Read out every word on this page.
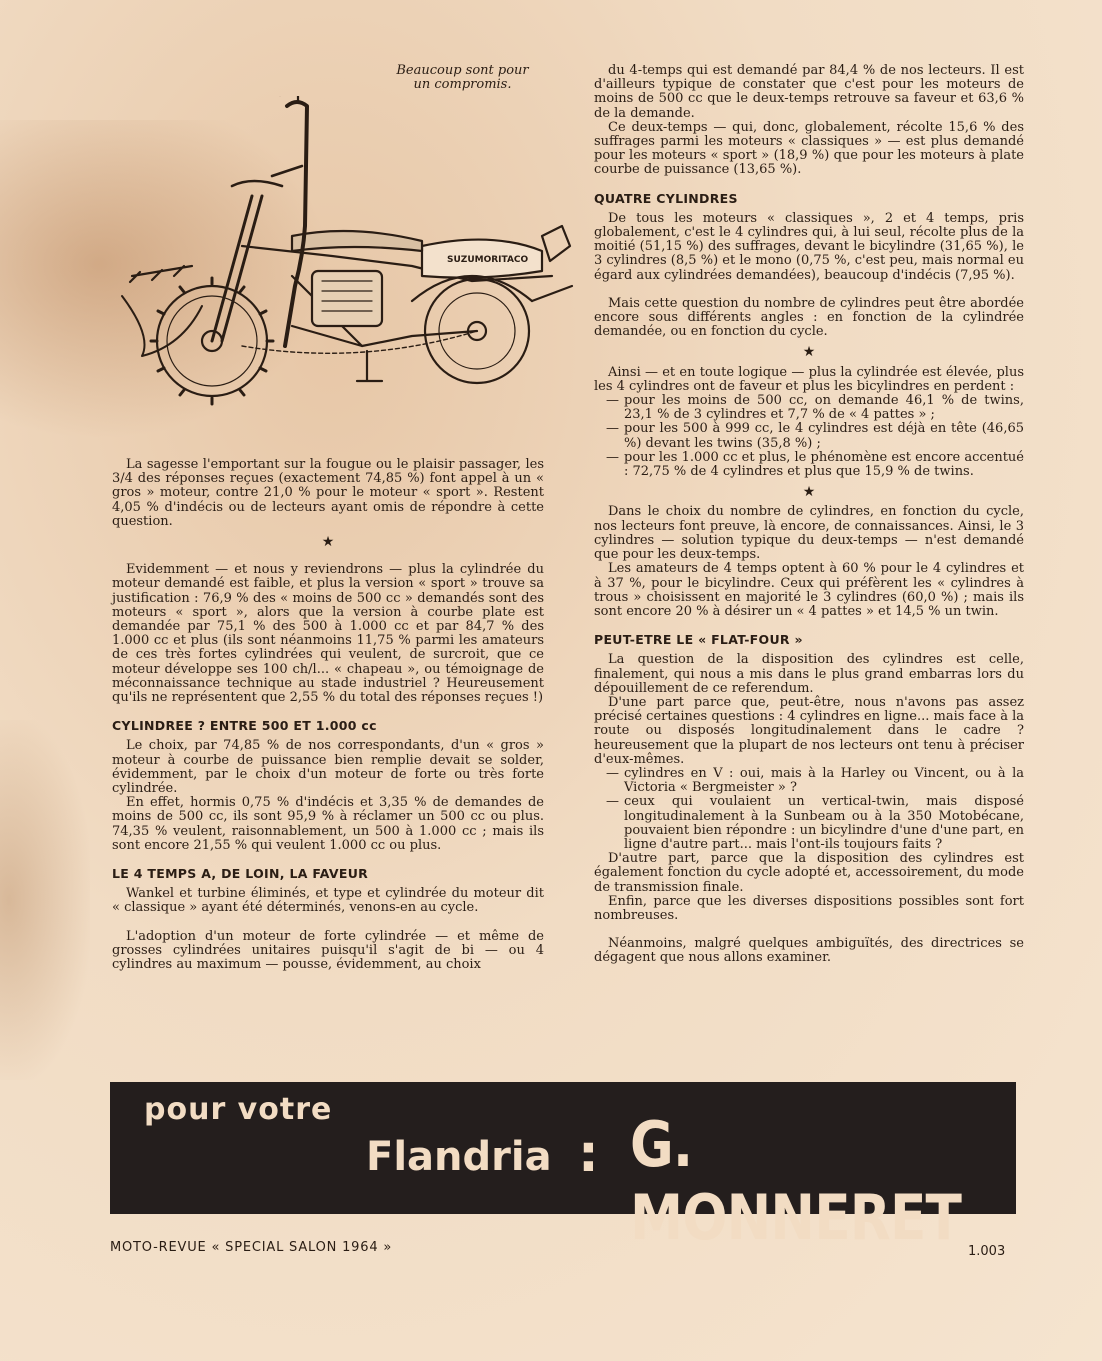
Beaucoup sont pour
un compromis.
SUZUMORITACO

La sagesse l'emportant sur la fougue ou le plaisir passager, les 3/4 des réponses reçues (exactement 74,85 %) font appel à un « gros » moteur, contre 21,0 % pour le moteur « sport ». Restent 4,05 % d'indécis ou de lecteurs ayant omis de répondre à cette question.

★

Evidemment — et nous y reviendrons — plus la cylindrée du moteur demandé est faible, et plus la version « sport » trouve sa justification : 76,9 % des « moins de 500 cc » demandés sont des moteurs « sport », alors que la version à courbe plate est demandée par 75,1 % des 500 à 1.000 cc et par 84,7 % des 1.000 cc et plus (ils sont néanmoins 11,75 % parmi les amateurs de ces très fortes cylindrées qui veulent, de surcroit, que ce moteur développe ses 100 ch/l... « chapeau », ou témoignage de méconnaissance technique au stade industriel ? Heureusement qu'ils ne représentent que 2,55 % du total des réponses reçues !)

CYLINDREE ? ENTRE 500 ET 1.000 cc

Le choix, par 74,85 % de nos correspondants, d'un « gros » moteur à courbe de puissance bien remplie devait se solder, évidemment, par le choix d'un moteur de forte ou très forte cylindrée.

En effet, hormis 0,75 % d'indécis et 3,35 % de demandes de moins de 500 cc, ils sont 95,9 % à réclamer un 500 cc ou plus. 74,35 % veulent, raisonnablement, un 500 à 1.000 cc ; mais ils sont encore 21,55 % qui veulent 1.000 cc ou plus.

LE 4 TEMPS A, DE LOIN, LA FAVEUR

Wankel et turbine éliminés, et type et cylindrée du moteur dit « classique » ayant été déterminés, venons-en au cycle.

L'adoption d'un moteur de forte cylindrée — et même de grosses cylindrées unitaires puisqu'il s'agit de bi — ou 4 cylindres au maximum — pousse, évidemment, au choix

du 4-temps qui est demandé par 84,4 % de nos lecteurs. Il est d'ailleurs typique de constater que c'est pour les moteurs de moins de 500 cc que le deux-temps retrouve sa faveur et 63,6 % de la demande.

Ce deux-temps — qui, donc, globalement, récolte 15,6 % des suffrages parmi les moteurs « classiques » — est plus demandé pour les moteurs « sport » (18,9 %) que pour les moteurs à plate courbe de puissance (13,65 %).

QUATRE CYLINDRES

De tous les moteurs « classiques », 2 et 4 temps, pris globalement, c'est le 4 cylindres qui, à lui seul, récolte plus de la moitié (51,15 %) des suffrages, devant le bicylindre (31,65 %), le 3 cylindres (8,5 %) et le mono (0,75 %, c'est peu, mais normal eu égard aux cylindrées demandées), beaucoup d'indécis (7,95 %).

Mais cette question du nombre de cylindres peut être abordée encore sous différents angles : en fonction de la cylindrée demandée, ou en fonction du cycle.

★

Ainsi — et en toute logique — plus la cylindrée est élevée, plus les 4 cylindres ont de faveur et plus les bicylindres en perdent :

— pour les moins de 500 cc, on demande 46,1 % de twins, 23,1 % de 3 cylindres et 7,7 % de « 4 pattes » ;
— pour les 500 à 999 cc, le 4 cylindres est déjà en tête (46,65 %) devant les twins (35,8 %) ;
— pour les 1.000 cc et plus, le phénomène est encore accentué : 72,75 % de 4 cylindres et plus que 15,9 % de twins.
★

Dans le choix du nombre de cylindres, en fonction du cycle, nos lecteurs font preuve, là encore, de connaissances. Ainsi, le 3 cylindres — solution typique du deux-temps — n'est demandé que pour les deux-temps.

Les amateurs de 4 temps optent à 60 % pour le 4 cylindres et à 37 %, pour le bicylindre. Ceux qui préfèrent les « cylindres à trous » choisissent en majorité le 3 cylindres (60,0 %) ; mais ils sont encore 20 % à désirer un « 4 pattes » et 14,5 % un twin.

PEUT-ETRE LE « FLAT-FOUR »

La question de la disposition des cylindres est celle, finalement, qui nous a mis dans le plus grand embarras lors du dépouillement de ce referendum.

D'une part parce que, peut-être, nous n'avons pas assez précisé certaines questions : 4 cylindres en ligne... mais face à la route ou disposés longitudinalement dans le cadre ? heureusement que la plupart de nos lecteurs ont tenu à préciser d'eux-mêmes.

— cylindres en V : oui, mais à la Harley ou Vincent, ou à la Victoria « Bergmeister » ?
— ceux qui voulaient un vertical-twin, mais disposé longitudinalement à la Sunbeam ou à la 350 Motobécane, pouvaient bien répondre : un bicylindre d'une d'une part, en ligne d'autre part... mais l'ont-ils toujours faits ?

D'autre part, parce que la disposition des cylindres est également fonction du cycle adopté et, accessoirement, du mode de transmission finale.

Enfin, parce que les diverses dispositions possibles sont fort nombreuses.

Néanmoins, malgré quelques ambiguïtés, des directrices se dégagent que nous allons examiner.

pour votre
Flandria : G. MONNERET
MOTO-REVUE « SPECIAL SALON 1964 »	1.003
